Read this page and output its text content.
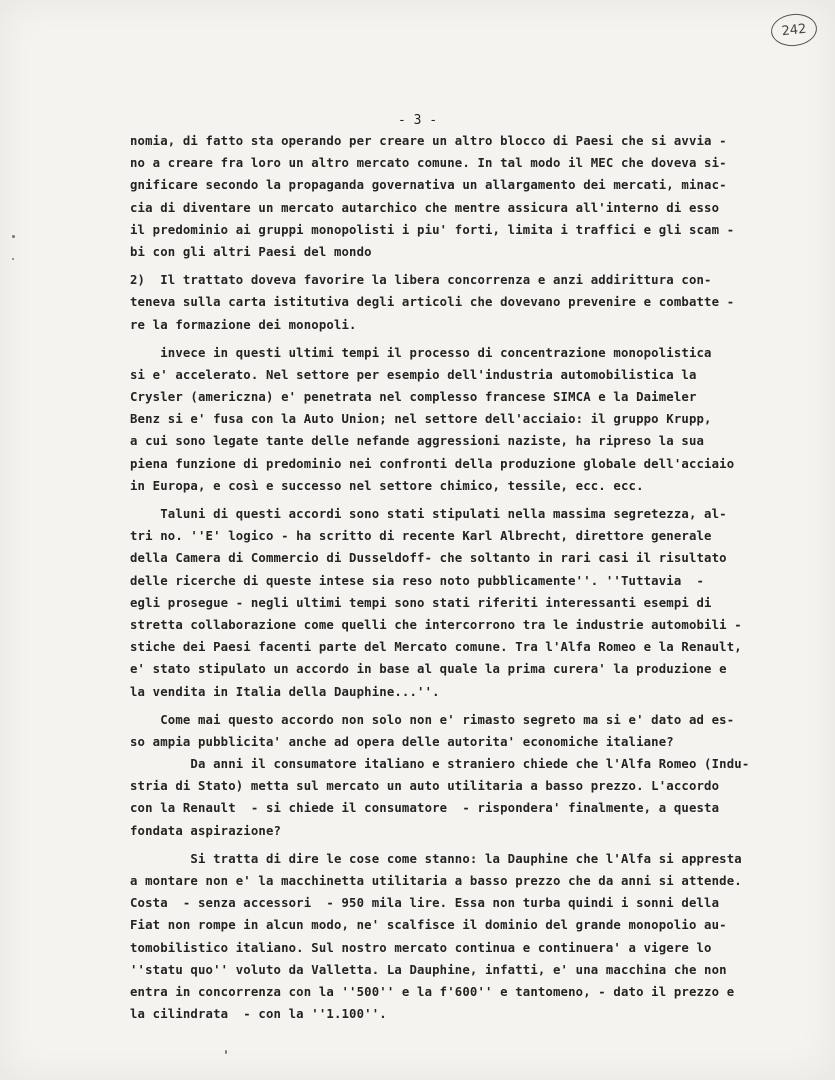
242
- 3 -
nomia, di fatto sta operando per creare un altro blocco di Paesi che si avvia -
no a creare fra loro un altro mercato comune. In tal modo il MEC che doveva si-
gnificare secondo la propaganda governativa un allargamento dei mercati, minac-
cia di diventare un mercato autarchico che mentre assicura all'interno di esso
il predominio ai gruppi monopolisti i piu' forti, limita i traffici e gli scam -
bi con gli altri Paesi del mondo
2)  Il trattato doveva favorire la libera concorrenza e anzi addirittura con-
teneva sulla carta istitutiva degli articoli che dovevano prevenire e combatte -
re la formazione dei monopoli.
invece in questi ultimi tempi il processo di concentrazione monopolistica
si e' accelerato. Nel settore per esempio dell'industria automobilistica la
Crysler (americzna) e' penetrata nel complesso francese SIMCA e la Daimeler
Benz si e' fusa con la Auto Union; nel settore dell'acciaio: il gruppo Krupp,
a cui sono legate tante delle nefande aggressioni naziste, ha ripreso la sua
piena funzione di predominio nei confronti della produzione globale dell'acciaio
in Europa, e così e successo nel settore chimico, tessile, ecc. ecc.
Taluni di questi accordi sono stati stipulati nella massima segretezza, al-
tri no. ''E' logico - ha scritto di recente Karl Albrecht, direttore generale
della Camera di Commercio di Dusseldoff- che soltanto in rari casi il risultato
delle ricerche di queste intese sia reso noto pubblicamente''. ''Tuttavia  -
egli prosegue - negli ultimi tempi sono stati riferiti interessanti esempi di
stretta collaborazione come quelli che intercorrono tra le industrie automobili -
stiche dei Paesi facenti parte del Mercato comune. Tra l'Alfa Romeo e la Renault,
e' stato stipulato un accordo in base al quale la prima curera' la produzione e
la vendita in Italia della Dauphine...''.
Come mai questo accordo non solo non e' rimasto segreto ma si e' dato ad es-
so ampia pubblicita' anche ad opera delle autorita' economiche italiane?
Da anni il consumatore italiano e straniero chiede che l'Alfa Romeo (Indu-
stria di Stato) metta sul mercato un auto utilitaria a basso prezzo. L'accordo
con la Renault  - si chiede il consumatore  - rispondera' finalmente, a questa
fondata aspirazione?
Si tratta di dire le cose come stanno: la Dauphine che l'Alfa si appresta
a montare non e' la macchinetta utilitaria a basso prezzo che da anni si attende.
Costa  - senza accessori  - 950 mila lire. Essa non turba quindi i sonni della
Fiat non rompe in alcun modo, ne' scalfisce il dominio del grande monopolio au-
tomobilistico italiano. Sul nostro mercato continua e continuera' a vigere lo
''statu quo'' voluto da Valletta. La Dauphine, infatti, e' una macchina che non
entra in concorrenza con la ''500'' e la f'600'' e tantomeno, - dato il prezzo e
la cilindrata  - con la ''1.100''.
